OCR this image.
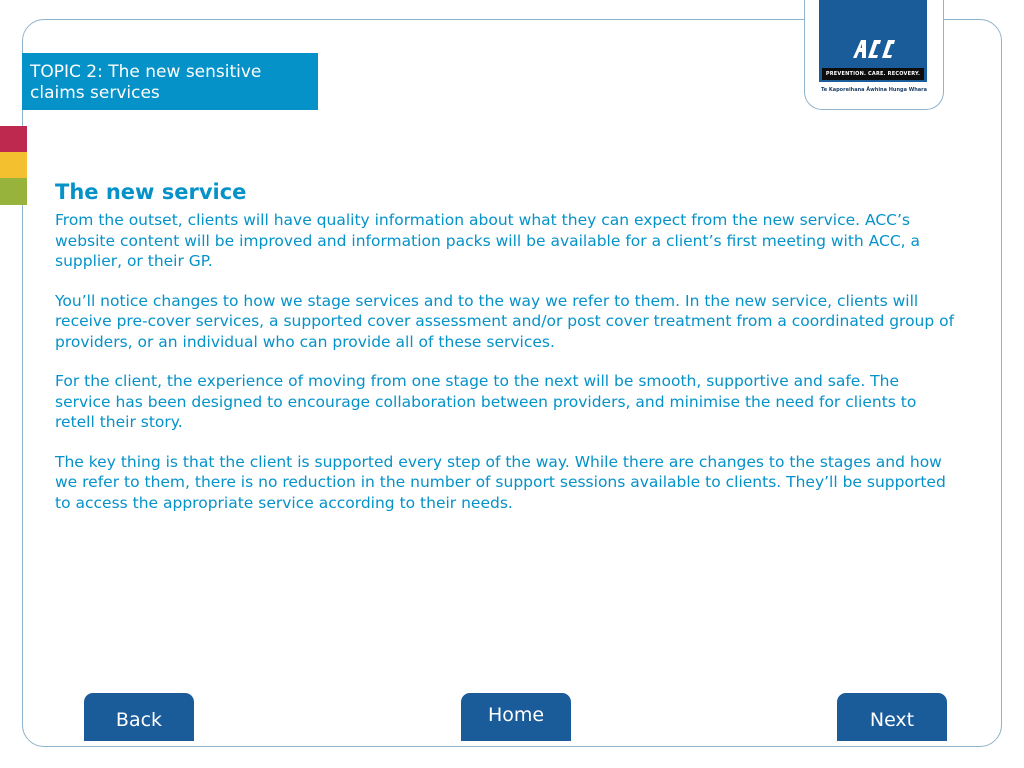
PREVENTION. CARE. RECOVERY.
Te Kaporeihana Āwhina Hunga Whara
TOPIC 2: The new sensitive claims services
The new service

From the outset, clients will have quality information about what they can expect from the new service. ACC’s website content will be improved and information packs will be available for a client’s first meeting with ACC, a supplier, or their GP.

You’ll notice changes to how we stage services and to the way we refer to them. In the new service, clients will receive pre-cover services, a supported cover assessment and/or post cover treatment from a coordinated group of providers, or an individual who can provide all of these services.

For the client, the experience of moving from one stage to the next will be smooth, supportive and safe. The service has been designed to encourage collaboration between providers, and minimise the need for clients to retell their story.

The key thing is that the client is supported every step of the way. While there are changes to the stages and how we refer to them, there is no reduction in the number of support sessions available to clients. They’ll be supported to access the appropriate service according to their needs.

Back	Home	Next
